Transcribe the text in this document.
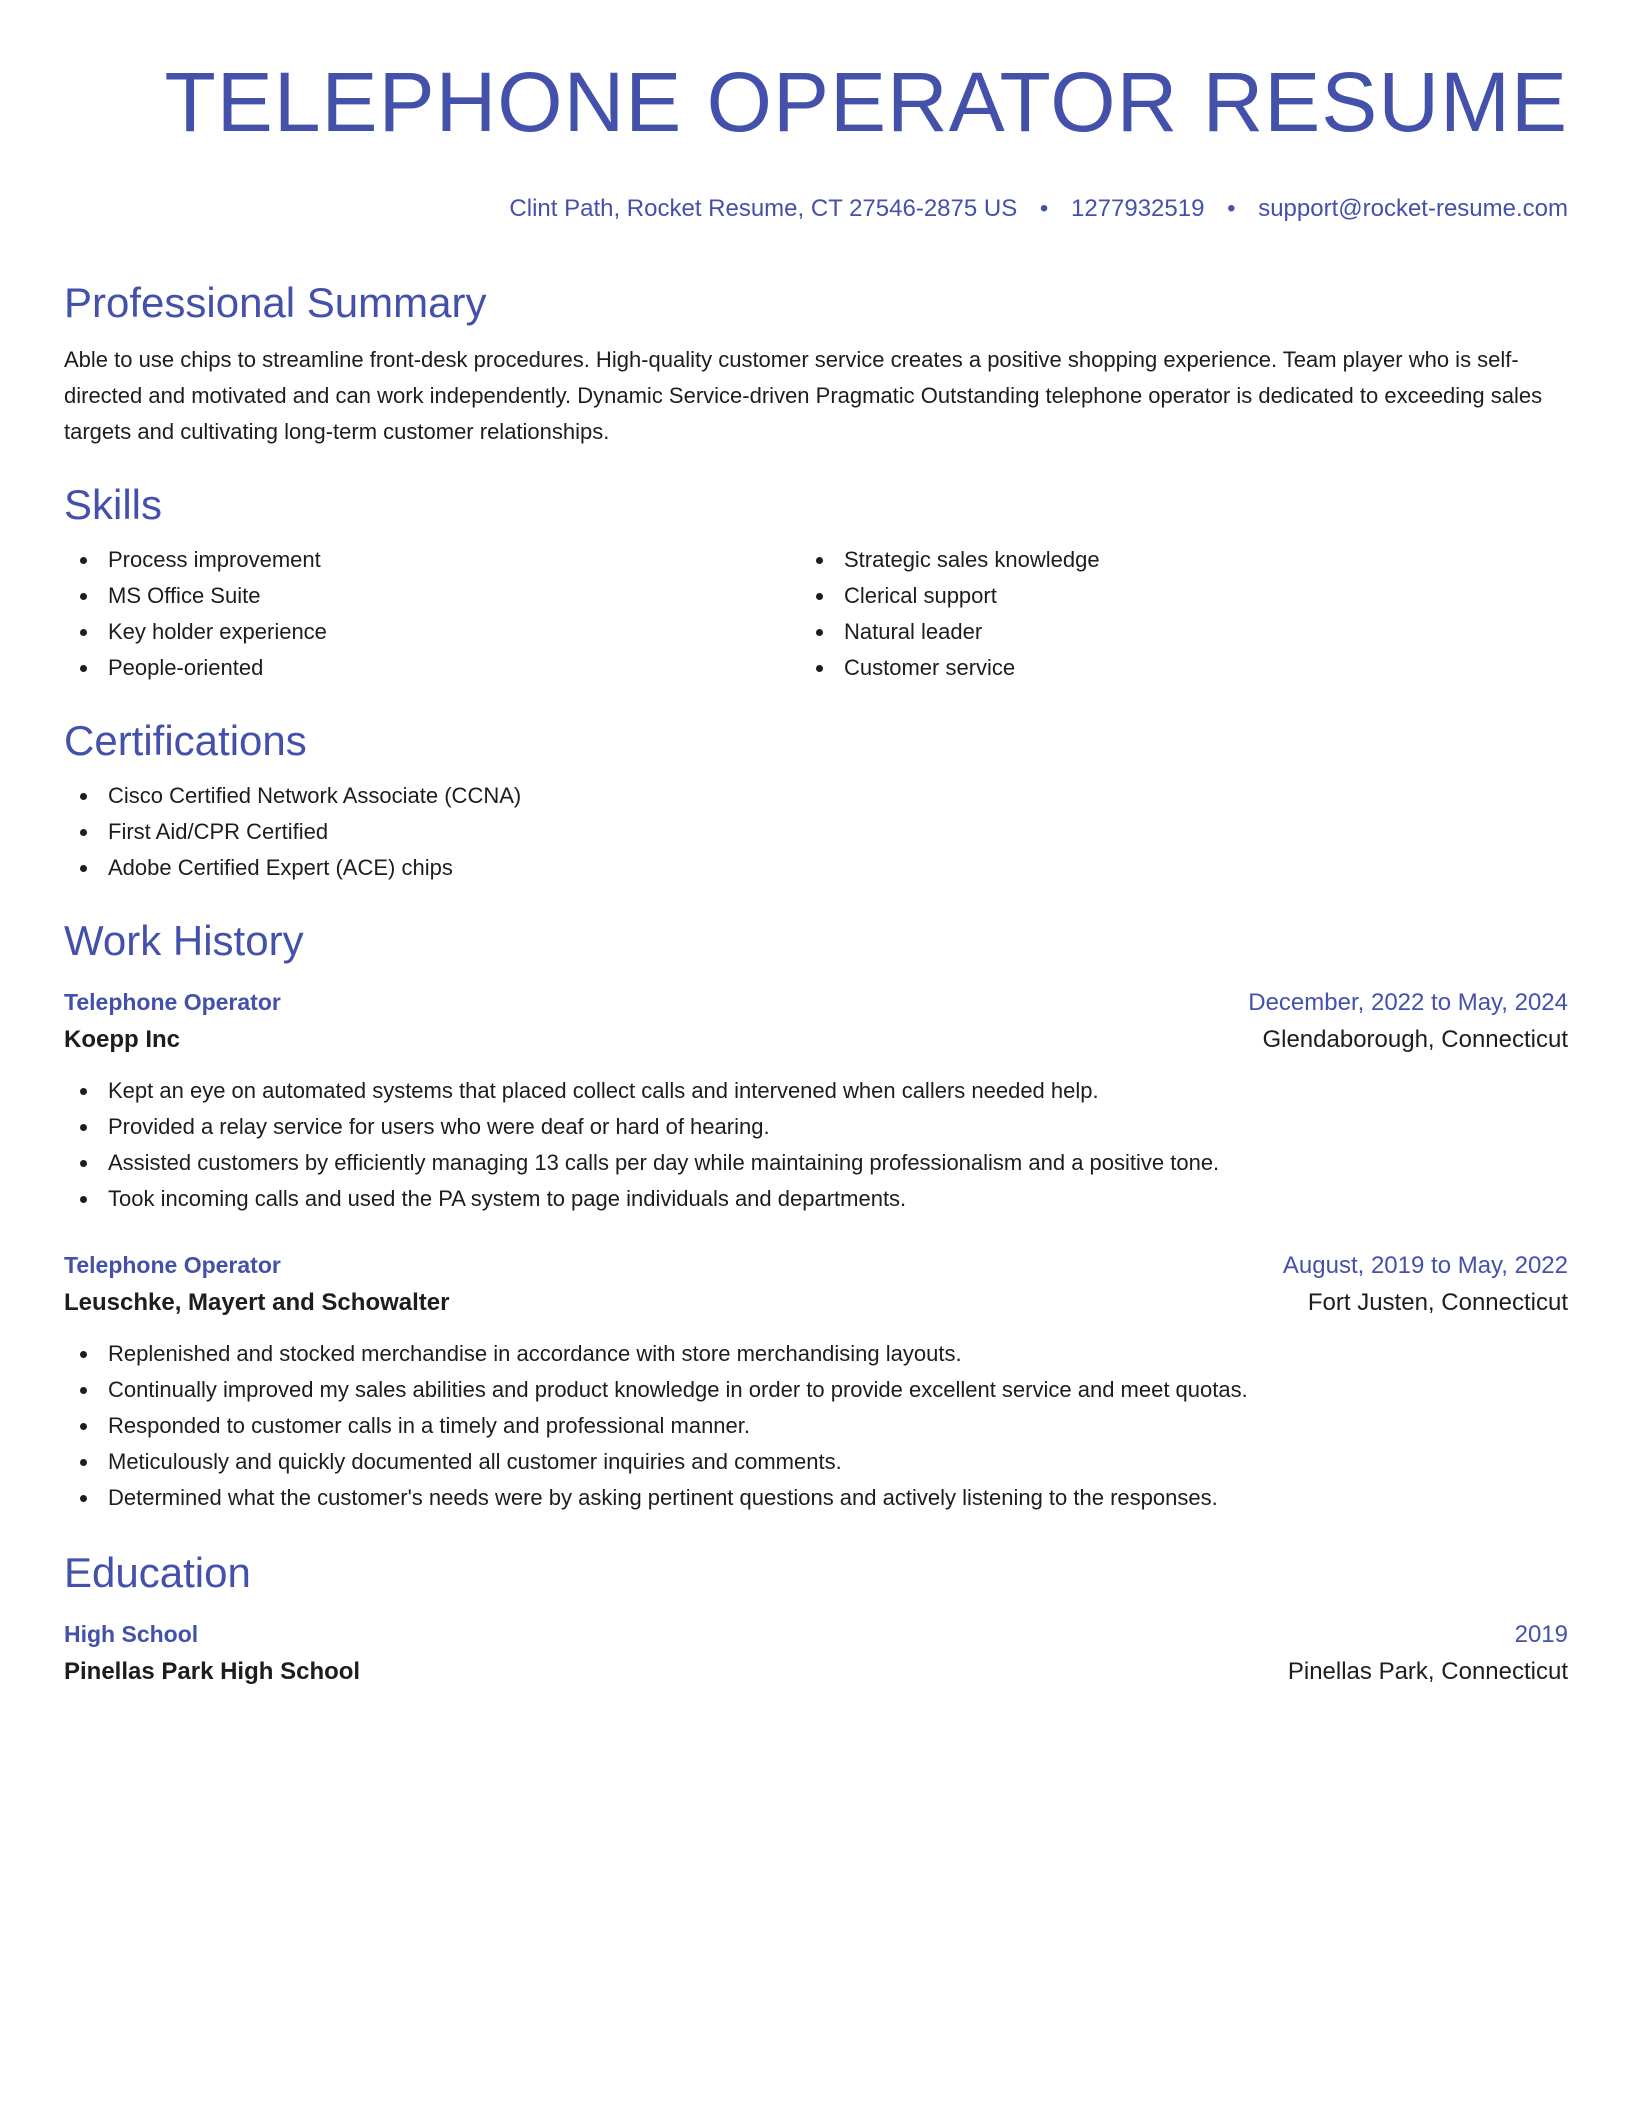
TELEPHONE OPERATOR RESUME
Clint Path, Rocket Resume, CT 27546-2875 US • 1277932519 • support@rocket-resume.com
Professional Summary
Able to use chips to streamline front-desk procedures. High-quality customer service creates a positive shopping experience. Team player who is self-directed and motivated and can work independently. Dynamic Service-driven Pragmatic Outstanding telephone operator is dedicated to exceeding sales targets and cultivating long-term customer relationships.
Skills
Process improvement
MS Office Suite
Key holder experience
People-oriented
Strategic sales knowledge
Clerical support
Natural leader
Customer service
Certifications
Cisco Certified Network Associate (CCNA)
First Aid/CPR Certified
Adobe Certified Expert (ACE) chips
Work History
Telephone Operator	December, 2022 to May, 2024
Koepp Inc	Glendaborough, Connecticut
Kept an eye on automated systems that placed collect calls and intervened when callers needed help.
Provided a relay service for users who were deaf or hard of hearing.
Assisted customers by efficiently managing 13 calls per day while maintaining professionalism and a positive tone.
Took incoming calls and used the PA system to page individuals and departments.
Telephone Operator	August, 2019 to May, 2022
Leuschke, Mayert and Schowalter	Fort Justen, Connecticut
Replenished and stocked merchandise in accordance with store merchandising layouts.
Continually improved my sales abilities and product knowledge in order to provide excellent service and meet quotas.
Responded to customer calls in a timely and professional manner.
Meticulously and quickly documented all customer inquiries and comments.
Determined what the customer's needs were by asking pertinent questions and actively listening to the responses.
Education
High School	2019
Pinellas Park High School	Pinellas Park, Connecticut
